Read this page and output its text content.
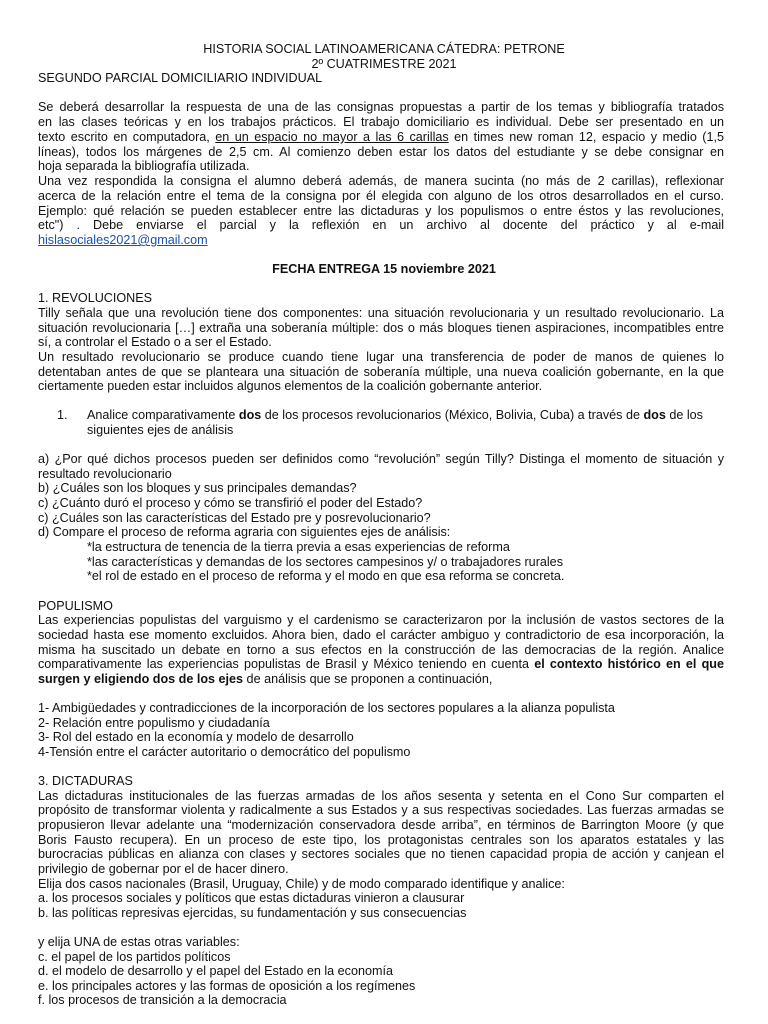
HISTORIA SOCIAL LATINOAMERICANA CÁTEDRA: PETRONE
2º CUATRIMESTRE 2021
SEGUNDO PARCIAL DOMICILIARIO INDIVIDUAL
Se deberá desarrollar la respuesta de una de las consignas propuestas a partir de los temas y bibliografía tratados
en las clases teóricas y en los trabajos prácticos. El trabajo domiciliario es individual. Debe ser presentado en un
texto escrito en computadora, en un espacio no mayor a las 6 carillas en times new roman 12, espacio y medio (1,5
líneas), todos los márgenes de 2,5 cm. Al comienzo deben estar los datos del estudiante y se debe consignar en
hoja separada la bibliografía utilizada.
Una vez respondida la consigna el alumno deberá además, de manera sucinta (no más de 2 carillas), reflexionar
acerca de la relación entre el tema de la consigna por él elegida con alguno de los otros desarrollados en el curso.
Ejemplo: qué relación se pueden establecer entre las dictaduras y los populismos o entre éstos y las revoluciones,
etc") . Debe enviarse el parcial y la reflexión en un archivo al docente del práctico y al e-mail
hislasociales2021@gmail.com
FECHA ENTREGA 15 noviembre 2021
1. REVOLUCIONES
Tilly señala que una revolución tiene dos componentes: una situación revolucionaria y un resultado revolucionario. La
situación revolucionaria […] extraña una soberanía múltiple: dos o más bloques tienen aspiraciones, incompatibles entre
sí, a controlar el Estado o a ser el Estado.
Un resultado revolucionario se produce cuando tiene lugar una transferencia de poder de manos de quienes lo
detentaban antes de que se planteara una situación de soberanía múltiple, una nueva coalición gobernante, en la que
ciertamente pueden estar incluidos algunos elementos de la coalición gobernante anterior.
1. Analice comparativamente dos de los procesos revolucionarios (México, Bolivia, Cuba) a través de dos de los
siguientes ejes de análisis
a) ¿Por qué dichos procesos pueden ser definidos como “revolución” según Tilly? Distinga el momento de situación y
resultado revolucionario
b) ¿Cuáles son los bloques y sus principales demandas?
c) ¿Cuánto duró el proceso y cómo se transfirió el poder del Estado?
c) ¿Cuáles son las características del Estado pre y posrevolucionario?
d) Compare el proceso de reforma agraria con siguientes ejes de análisis:
*la estructura de tenencia de la tierra previa a esas experiencias de reforma
*las características y demandas de los sectores campesinos y/ o trabajadores rurales
*el rol de estado en el proceso de reforma y el modo en que esa reforma se concreta.
POPULISMO
Las experiencias populistas del varguismo y el cardenismo se caracterizaron por la inclusión de vastos sectores de la
sociedad hasta ese momento excluidos. Ahora bien, dado el carácter ambiguo y contradictorio de esa incorporación, la
misma ha suscitado un debate en torno a sus efectos en la construcción de las democracias de la región. Analice
comparativamente las experiencias populistas de Brasil y México teniendo en cuenta el contexto histórico en el que
surgen y eligiendo dos de los ejes de análisis que se proponen a continuación,
1- Ambigüedades y contradicciones de la incorporación de los sectores populares a la alianza populista
2- Relación entre populismo y ciudadanía
3- Rol del estado en la economía y modelo de desarrollo
4-Tensión entre el carácter autoritario o democrático del populismo
3. DICTADURAS
Las dictaduras institucionales de las fuerzas armadas de los años sesenta y setenta en el Cono Sur comparten el
propósito de transformar violenta y radicalmente a sus Estados y a sus respectivas sociedades. Las fuerzas armadas se
propusieron llevar adelante una “modernización conservadora desde arriba”, en términos de Barrington Moore (y que
Boris Fausto recupera). En un proceso de este tipo, los protagonistas centrales son los aparatos estatales y las
burocracias públicas en alianza con clases y sectores sociales que no tienen capacidad propia de acción y canjean el
privilegio de gobernar por el de hacer dinero.
Elija dos casos nacionales (Brasil, Uruguay, Chile) y de modo comparado identifique y analice:
a. los procesos sociales y políticos que estas dictaduras vinieron a clausurar
b. las políticas represivas ejercidas, su fundamentación y sus consecuencias
y elija UNA de estas otras variables:
c. el papel de los partidos políticos
d. el modelo de desarrollo y el papel del Estado en la economía
e. los principales actores y las formas de oposición a los regímenes
f. los procesos de transición a la democracia
